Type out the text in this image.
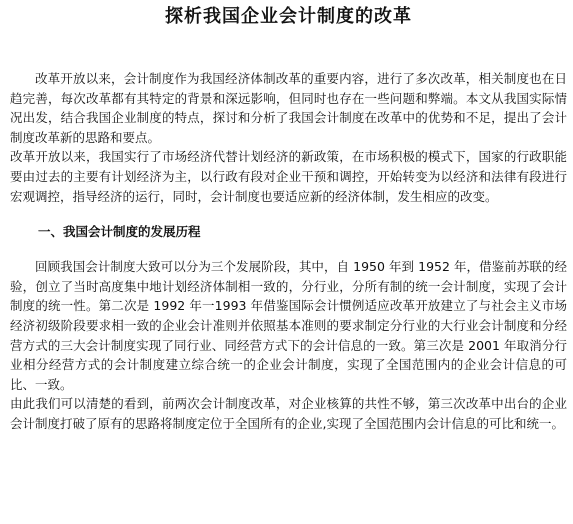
探析我国企业会计制度的改革

改革开放以来，会计制度作为我国经济体制改革的重要内容，进行了多次改革，相关制度也在日趋完善，每次改革都有其特定的背景和深远影响，但同时也存在一些问题和弊端。本文从我国实际情况出发，结合我国企业制度的特点，探讨和分析了我国会计制度在改革中的优势和不足，提出了会计制度改革新的思路和要点。

改革开放以来，我国实行了市场经济代替计划经济的新政策，在市场积极的模式下，国家的行政职能要由过去的主要有计划经济为主，以行政有段对企业干预和调控，开始转变为以经济和法律有段进行宏观调控，指导经济的运行，同时，会计制度也要适应新的经济体制，发生相应的改变。

一、我国会计制度的发展历程

回顾我国会计制度大致可以分为三个发展阶段，其中，自 1950 年到 1952 年，借鉴前苏联的经验，创立了当时高度集中地计划经济体制相一致的，分行业，分所有制的统一会计制度，实现了会计制度的统一性。第二次是 1992 年一1993 年借鉴国际会计惯例适应改革开放建立了与社会主义市场经济初级阶段要求相一致的企业会计准则并依照基本准则的要求制定分行业的大行业会计制度和分经营方式的三大会计制度实现了同行业、同经营方式下的会计信息的一致。第三次是 2001 年取消分行业相分经营方式的会计制度建立综合统一的企业会计制度，实现了全国范围内的企业会计信息的可比、一致。

由此我们可以清楚的看到，前两次会计制度改革，对企业核算的共性不够，第三次改革中出台的企业会计制度打破了原有的思路将制度定位于全国所有的企业,实现了全国范围内会计信息的可比和统一。
